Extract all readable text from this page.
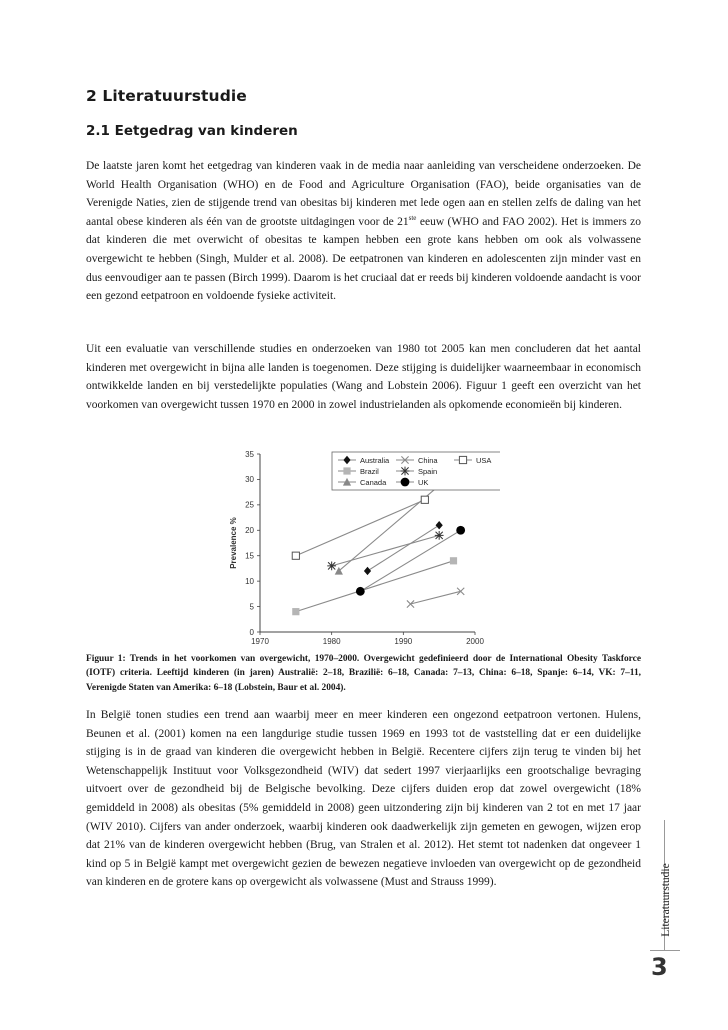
2 Literatuurstudie
2.1 Eetgedrag van kinderen

De laatste jaren komt het eetgedrag van kinderen vaak in de media naar aanleiding van verscheidene onderzoeken. De World Health Organisation (WHO) en de Food and Agriculture Organisation (FAO), beide organisaties van de Verenigde Naties, zien de stijgende trend van obesitas bij kinderen met lede ogen aan en stellen zelfs de daling van het aantal obese kinderen als één van de grootste uitdagingen voor de 21ste eeuw (WHO and FAO 2002). Het is immers zo dat kinderen die met overwicht of obesitas te kampen hebben een grote kans hebben om ook als volwassene overgewicht te hebben (Singh, Mulder et al. 2008). De eetpatronen van kinderen en adolescenten zijn minder vast en dus eenvoudiger aan te passen (Birch 1999). Daarom is het cruciaal dat er reeds bij kinderen voldoende aandacht is voor een gezond eetpatroon en voldoende fysieke activiteit.

Uit een evaluatie van verschillende studies en onderzoeken van 1980 tot 2005 kan men concluderen dat het aantal kinderen met overgewicht in bijna alle landen is toegenomen. Deze stijging is duidelijker waarneembaar in economisch ontwikkelde landen en bij verstedelijkte populaties (Wang and Lobstein 2006). Figuur 1 geeft een overzicht van het voorkomen van overgewicht tussen 1970 en 2000 in zowel industrielanden als opkomende economieën bij kinderen.

0
5
10
15
20
25
30
35
1970	1980	1990	2000
Prevalence %
Australia
Brazil
Canada
China
Spain
UK
USA

Figuur 1: Trends in het voorkomen van overgewicht, 1970–2000. Overgewicht gedefinieerd door de International Obesity Taskforce (IOTF) criteria. Leeftijd kinderen (in jaren) Australië: 2–18, Brazilië: 6–18, Canada: 7–13, China: 6–18, Spanje: 6–14, VK: 7–11, Verenigde Staten van Amerika: 6–18 (Lobstein, Baur et al. 2004).

In België tonen studies een trend aan waarbij meer en meer kinderen een ongezond eetpatroon vertonen. Hulens, Beunen et al. (2001) komen na een langdurige studie tussen 1969 en 1993 tot de vaststelling dat er een duidelijke stijging is in de graad van kinderen die overgewicht hebben in België. Recentere cijfers zijn terug te vinden bij het Wetenschappelijk Instituut voor Volksgezondheid (WIV) dat sedert 1997 vierjaarlijks een grootschalige bevraging uitvoert over de gezondheid bij de Belgische bevolking. Deze cijfers duiden erop dat zowel overgewicht (18% gemiddeld in 2008) als obesitas (5% gemiddeld in 2008) geen uitzondering zijn bij kinderen van 2 tot en met 17 jaar (WIV 2010). Cijfers van ander onderzoek, waarbij kinderen ook daadwerkelijk zijn gemeten en gewogen, wijzen erop dat 21% van de kinderen overgewicht hebben (Brug, van Stralen et al. 2012). Het stemt tot nadenken dat ongeveer 1 kind op 5 in België kampt met overgewicht gezien de bewezen negatieve invloeden van overgewicht op de gezondheid van kinderen en de grotere kans op overgewicht als volwassene (Must and Strauss 1999).	Literatuurstudie
3
